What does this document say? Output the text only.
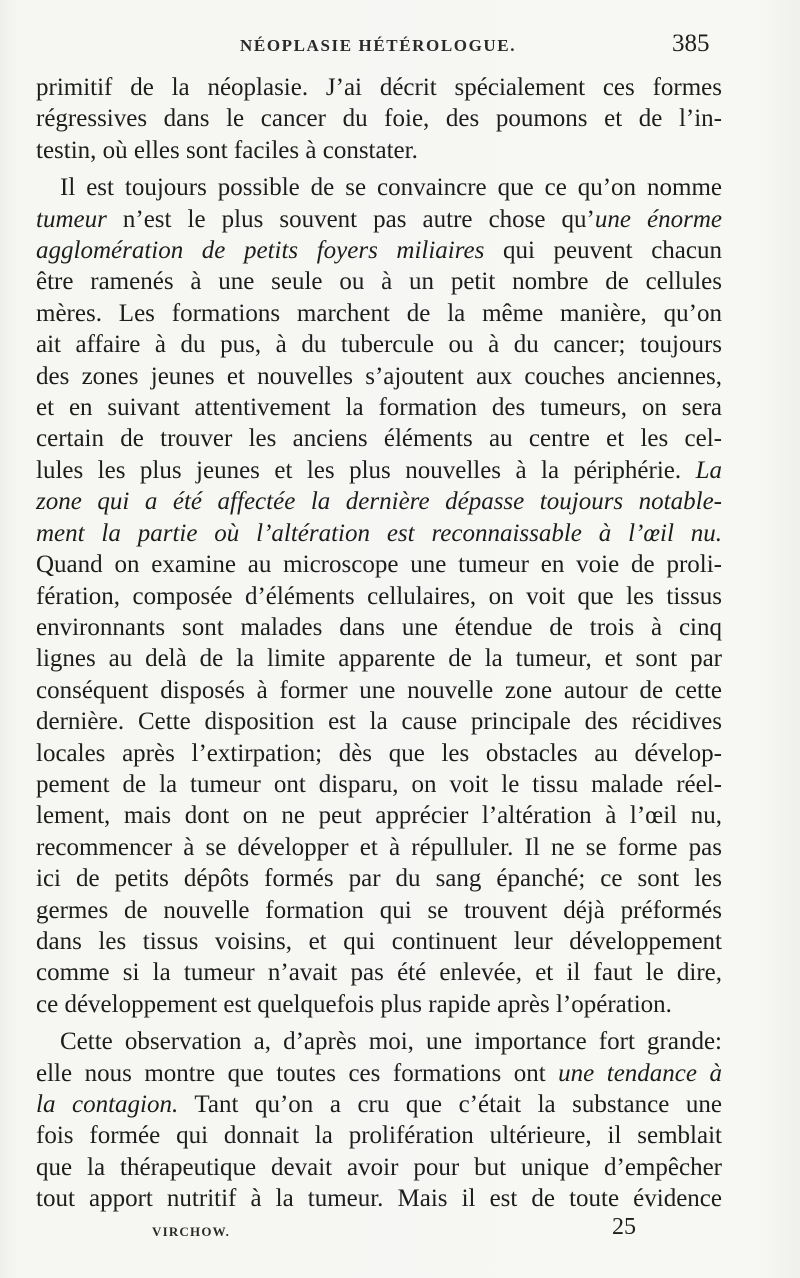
NÉOPLASIE HÉTÉROLOGUE.	385
primitif de la néoplasie. J’ai décrit spécialement ces formes
régressives dans le cancer du foie, des poumons et de l’in-
testin, où elles sont faciles à constater.
Il est toujours possible de se convaincre que ce qu’on nomme
tumeur n’est le plus souvent pas autre chose qu’une énorme
agglomération de petits foyers miliaires qui peuvent chacun
être ramenés à une seule ou à un petit nombre de cellules
mères. Les formations marchent de la même manière, qu’on
ait affaire à du pus, à du tubercule ou à du cancer; toujours
des zones jeunes et nouvelles s’ajoutent aux couches anciennes,
et en suivant attentivement la formation des tumeurs, on sera
certain de trouver les anciens éléments au centre et les cel-
lules les plus jeunes et les plus nouvelles à la périphérie. La
zone qui a été affectée la dernière dépasse toujours notable-
ment la partie où l’altération est reconnaissable à l’œil nu.
Quand on examine au microscope une tumeur en voie de proli-
fération, composée d’éléments cellulaires, on voit que les tissus
environnants sont malades dans une étendue de trois à cinq
lignes au delà de la limite apparente de la tumeur, et sont par
conséquent disposés à former une nouvelle zone autour de cette
dernière. Cette disposition est la cause principale des récidives
locales après l’extirpation; dès que les obstacles au dévelop-
pement de la tumeur ont disparu, on voit le tissu malade réel-
lement, mais dont on ne peut apprécier l’altération à l’œil nu,
recommencer à se développer et à répulluler. Il ne se forme pas
ici de petits dépôts formés par du sang épanché; ce sont les
germes de nouvelle formation qui se trouvent déjà préformés
dans les tissus voisins, et qui continuent leur développement
comme si la tumeur n’avait pas été enlevée, et il faut le dire,
ce développement est quelquefois plus rapide après l’opération.
Cette observation a, d’après moi, une importance fort grande:
elle nous montre que toutes ces formations ont une tendance à
la contagion. Tant qu’on a cru que c’était la substance une
fois formée qui donnait la prolifération ultérieure, il semblait
que la thérapeutique devait avoir pour but unique d’empêcher
tout apport nutritif à la tumeur. Mais il est de toute évidence
VIRCHOW.	25
